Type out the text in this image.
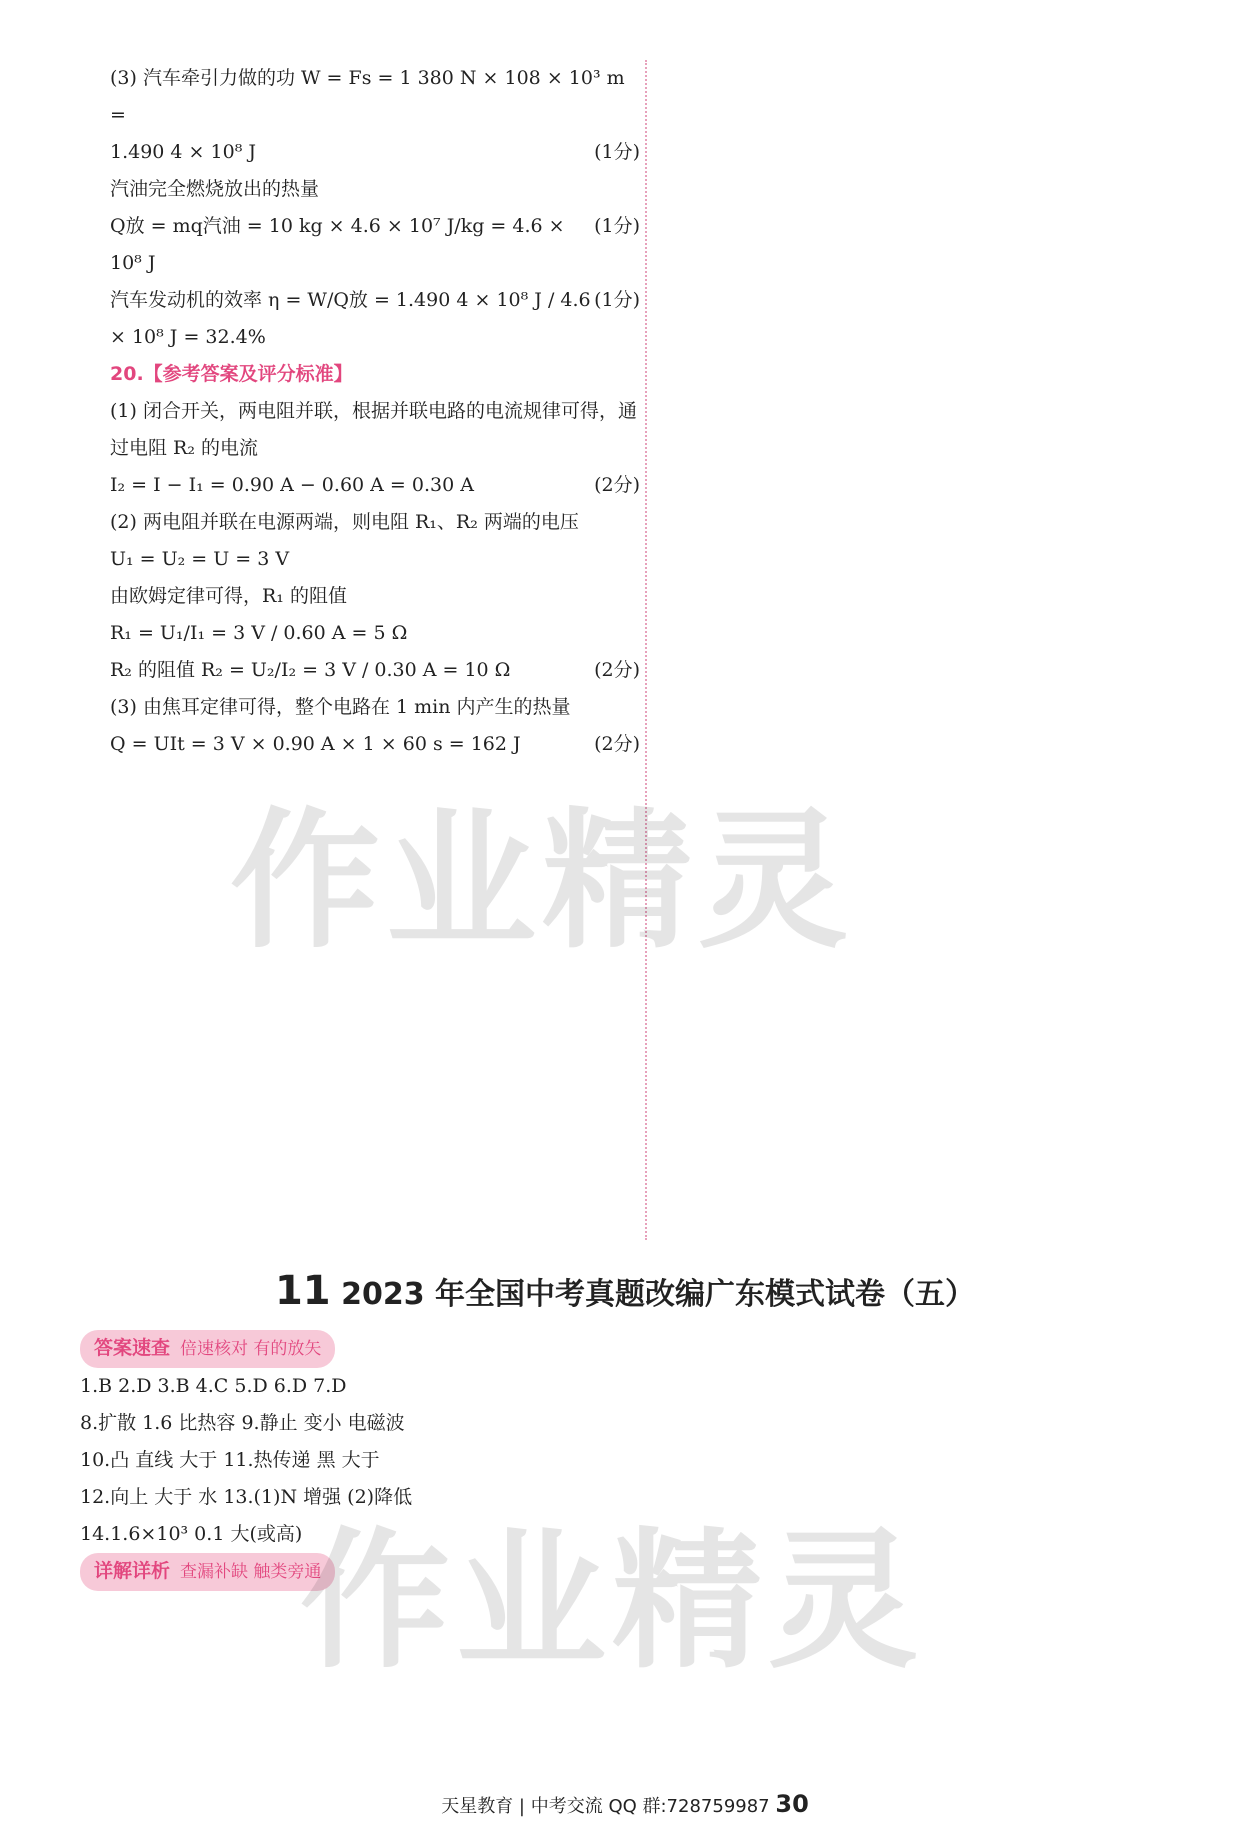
(3) 汽车牵引力做的功 W = Fs = 1 380 N × 108 × 10³ m =
1.490 4 × 10⁸ J	(1分)
汽油完全燃烧放出的热量
Q放 = mq汽油 = 10 kg × 4.6 × 10⁷ J/kg = 4.6 × 10⁸ J
(1分)
汽车发动机的效率 η = W/Q放 = 1.490 4 × 10⁸ J / 4.6 × 10⁸ J = 32.4%
(1分)
20.【参考答案及评分标准】
(1) 闭合开关，两电阻并联，根据并联电路的电流规律可得，通
过电阻 R₂ 的电流
I₂ = I − I₁ = 0.90 A − 0.60 A = 0.30 A	(2分)
(2) 两电阻并联在电源两端，则电阻 R₁、R₂ 两端的电压
U₁ = U₂ = U = 3 V
由欧姆定律可得，R₁ 的阻值
R₁ = U₁/I₁ = 3 V / 0.60 A = 5 Ω
R₂ 的阻值 R₂ = U₂/I₂ = 3 V / 0.30 A = 10 Ω	(2分)
(3) 由焦耳定律可得，整个电路在 1 min 内产生的热量
Q = UIt = 3 V × 0.90 A × 1 × 60 s = 162 J	(2分)
11 2023 年全国中考真题改编广东模式试卷（五）
答案速查 倍速核对 有的放矢
1.B 2.D 3.B 4.C 5.D 6.D 7.D
8.扩散 1.6 比热容 9.静止 变小 电磁波
10.凸 直线 大于 11.热传递 黑 大于
12.向上 大于 水 13.(1)N 增强 (2)降低
14.1.6×10³ 0.1 大(或高)
详解详析 查漏补缺 触类旁通
作业精灵
作业精灵
天星教育 | 中考交流 QQ 群:728759987 30
